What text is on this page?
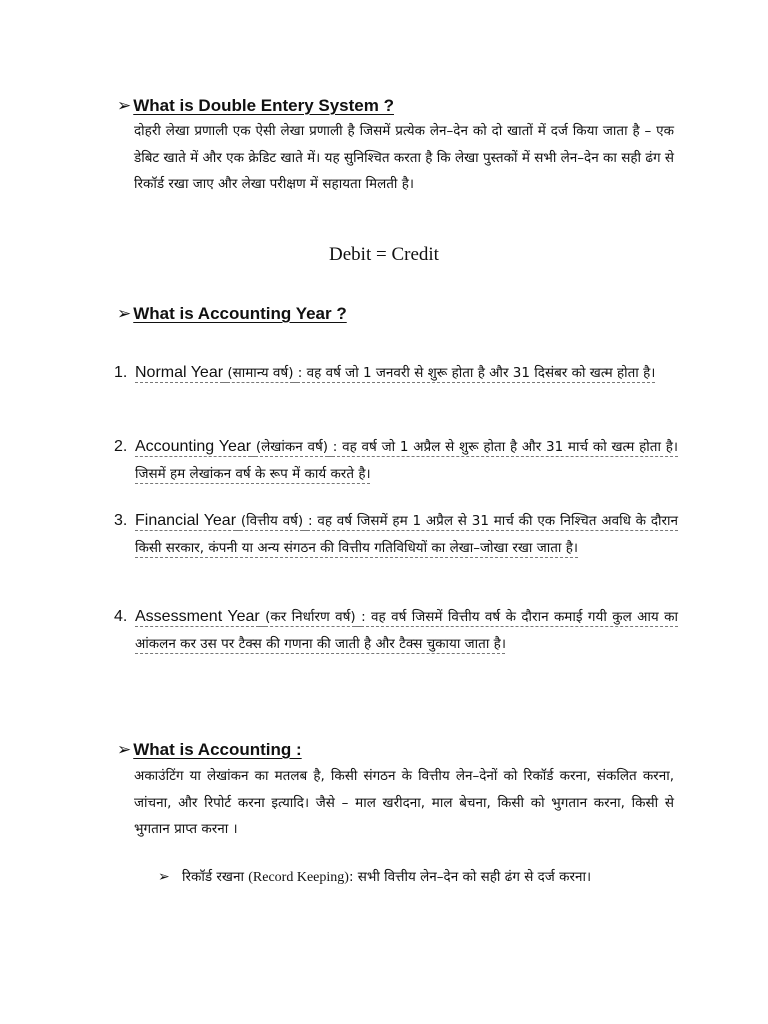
➢ What is Double Entery System ?
दोहरी लेखा प्रणाली एक ऐसी लेखा प्रणाली है जिसमें प्रत्येक लेन–देन को दो खातों में दर्ज किया जाता है – एक डेबिट खाते में और एक क्रेडिट खाते में। यह सुनिश्चित करता है कि लेखा पुस्तकों में सभी लेन–देन का सही ढंग से रिकॉर्ड रखा जाए और लेखा परीक्षण में सहायता मिलती है।
Debit = Credit
➢ What is Accounting Year ?
1. Normal Year (सामान्य वर्ष) : वह वर्ष जो 1 जनवरी से शुरू होता है और 31 दिसंबर को खत्म होता है।
2. Accounting Year (लेखांकन वर्ष) : वह वर्ष जो 1 अप्रैल से शुरू होता है और 31 मार्च को खत्म होता है। जिसमें हम लेखांकन वर्ष के रूप में कार्य करते है।
3. Financial Year (वित्तीय वर्ष) : वह वर्ष जिसमें हम 1 अप्रैल से 31 मार्च की एक निश्चित अवधि के दौरान किसी सरकार, कंपनी या अन्य संगठन की वित्तीय गतिविधियों का लेखा–जोखा रखा जाता है।
4. Assessment Year (कर निर्धारण वर्ष) : वह वर्ष जिसमें वित्तीय वर्ष के दौरान कमाई गयी कुल आय का आंकलन कर उस पर टैक्स की गणना की जाती है और टैक्स चुकाया जाता है।
➢ What is Accounting :
अकाउंटिंग या लेखांकन का मतलब है, किसी संगठन के वित्तीय लेन–देनों को रिकॉर्ड करना, संकलित करना, जांचना, और रिपोर्ट करना इत्यादि। जैसे – माल खरीदना, माल बेचना, किसी को भुगतान करना, किसी से भुगतान प्राप्त करना ।
➢ रिकॉर्ड रखना (Record Keeping): सभी वित्तीय लेन–देन को सही ढंग से दर्ज करना।
